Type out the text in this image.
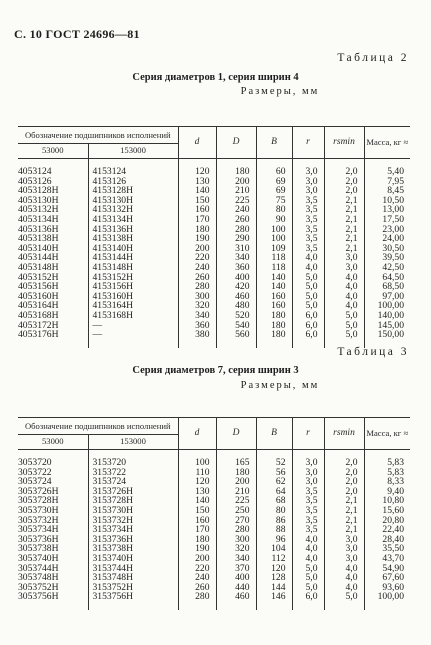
С. 10 ГОСТ 24696—81
Таблица 2
Серия диаметров 1, серия ширин 4
Размеры, мм
Обозначение подшипников исполнений		d	D	B	r	rsmin	Масса, кг ≈
53000	153000						

4053124	4153124	120	180	60	3,0	2,0	5,40
4053126	4153126	130	200	69	3,0	2,0	7,95
4053128Н	4153128Н	140	210	69	3,0	2,0	8,45
4053130Н	4153130Н	150	225	75	3,5	2,1	10,50
4053132Н	4153132Н	160	240	80	3,5	2,1	13,00
4053134Н	4153134Н	170	260	90	3,5	2,1	17,50
4053136Н	4153136Н	180	280	100	3,5	2,1	23,00
4053138Н	4153138Н	190	290	100	3,5	2,1	24,00
4053140Н	4153140Н	200	310	109	3,5	2,1	30,50
4053144Н	4153144Н	220	340	118	4,0	3,0	39,50
4053148Н	4153148Н	240	360	118	4,0	3,0	42,50
4053152Н	4153152Н	260	400	140	5,0	4,0	64,50
4053156Н	4153156Н	280	420	140	5,0	4,0	68,50
4053160Н	4153160Н	300	460	160	5,0	4,0	97,00
4053164Н	4153164Н	320	480	160	5,0	4,0	100,00
4053168Н	4153168Н	340	520	180	6,0	5,0	140,00
4053172Н	—	360	540	180	6,0	5,0	145,00
4053176Н	—	380	560	180	6,0	5,0	150,00

Таблица 3
Серия диаметров 7, серия ширин 3
Размеры, мм
Обозначение подшипников исполнений		d	D	B	r	rsmin	Масса, кг ≈
53000	153000						

3053720	3153720	100	165	52	3,0	2,0	5,83
3053722	3153722	110	180	56	3,0	2,0	5,83
3053724	3153724	120	200	62	3,0	2,0	8,33
3053726Н	3153726Н	130	210	64	3,5	2,0	9,40
3053728Н	3153728Н	140	225	68	3,5	2,1	10,80
3053730Н	3153730Н	150	250	80	3,5	2,1	15,60
3053732Н	3153732Н	160	270	86	3,5	2,1	20,80
3053734Н	3153734Н	170	280	88	3,5	2,1	22,40
3053736Н	3153736Н	180	300	96	4,0	3,0	28,40
3053738Н	3153738Н	190	320	104	4,0	3,0	35,50
3053740Н	3153740Н	200	340	112	4,0	3,0	43,70
3053744Н	3153744Н	220	370	120	5,0	4,0	54,90
3053748Н	3153748Н	240	400	128	5,0	4,0	67,60
3053752Н	3153752Н	260	440	144	5,0	4,0	93,60
3053756Н	3153756Н	280	460	146	6,0	5,0	100,00
